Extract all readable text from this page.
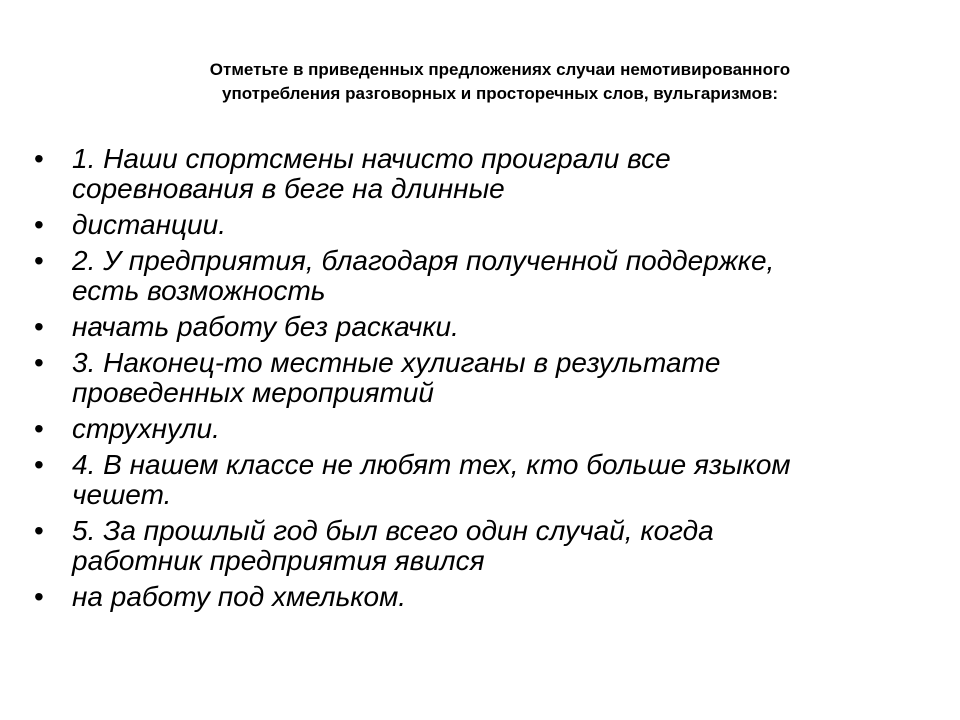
Отметьте в приведенных предложениях случаи немотивированного
употребления разговорных и просторечных слов, вульгаризмов:
•	1. Наши спортсмены начисто проиграли все
соревнования в беге на длинные
•	дистанции.
•	2. У предприятия, благодаря полученной поддержке,
есть возможность
•	начать работу без раскачки.
•	3. Наконец-то местные хулиганы в результате
проведенных мероприятий
•	струхнули.
•	4. В нашем классе не любят тех, кто больше языком
чешет.
•	5. За прошлый год был всего один случай, когда
работник предприятия явился
•	на работу под хмельком.
